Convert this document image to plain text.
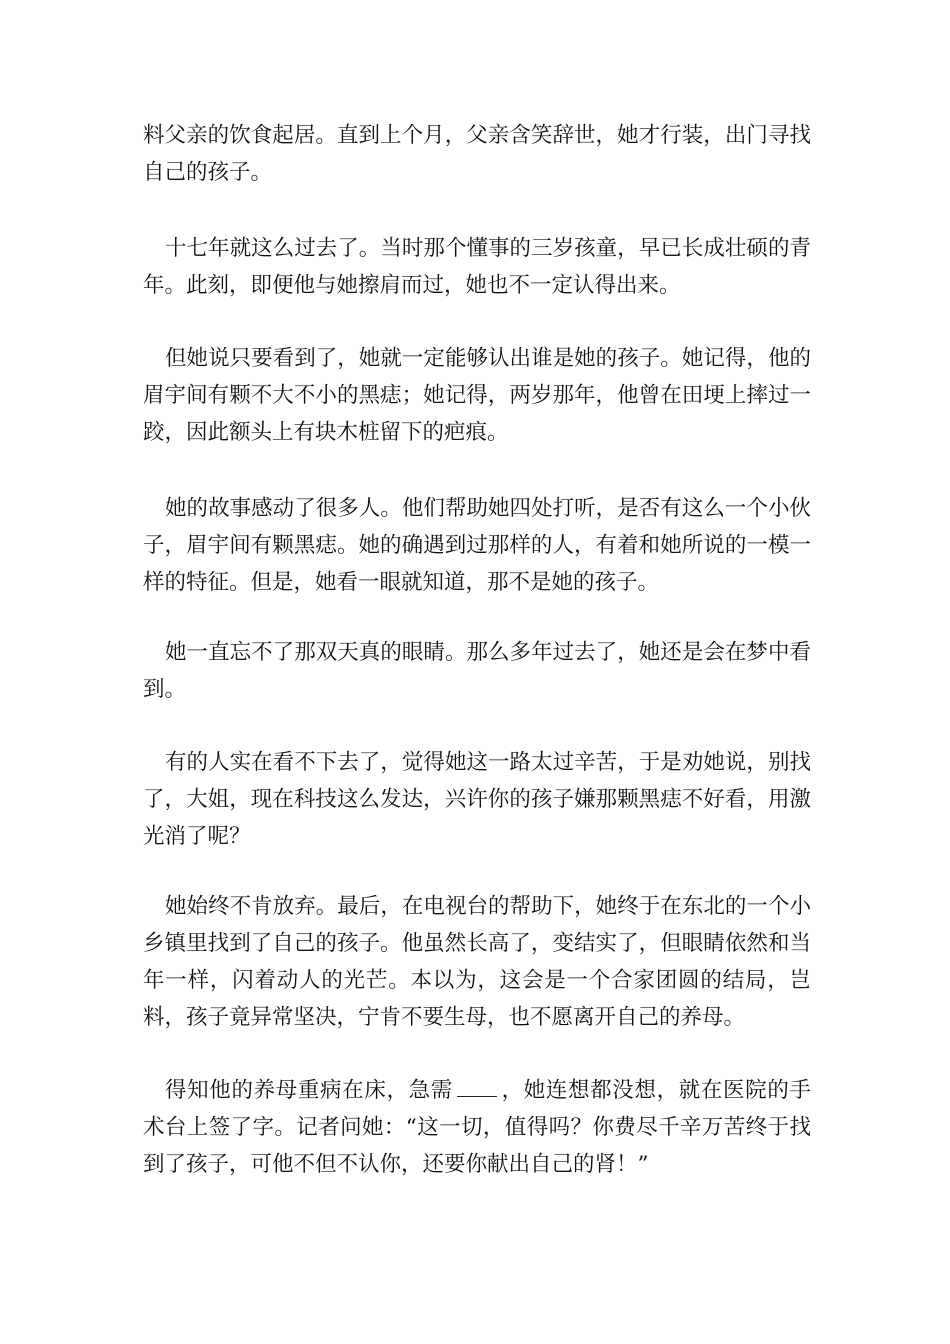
料父亲的饮食起居。直到上个月，父亲含笑辞世，她才行装，出门寻找自己的孩子。
十七年就这么过去了。当时那个懂事的三岁孩童，早已长成壮硕的青年。此刻，即便他与她擦肩而过，她也不一定认得出来。
但她说只要看到了，她就一定能够认出谁是她的孩子。她记得，他的眉宇间有颗不大不小的黑痣；她记得，两岁那年，他曾在田埂上摔过一跤，因此额头上有块木桩留下的疤痕。
她的故事感动了很多人。他们帮助她四处打听，是否有这么一个小伙子，眉宇间有颗黑痣。她的确遇到过那样的人，有着和她所说的一模一样的特征。但是，她看一眼就知道，那不是她的孩子。
她一直忘不了那双天真的眼睛。那么多年过去了，她还是会在梦中看到。
有的人实在看不下去了，觉得她这一路太过辛苦，于是劝她说，别找了，大姐，现在科技这么发达，兴许你的孩子嫌那颗黑痣不好看，用激光消了呢？
她始终不肯放弃。最后，在电视台的帮助下，她终于在东北的一个小乡镇里找到了自己的孩子。他虽然长高了，变结实了，但眼睛依然和当年一样，闪着动人的光芒。本以为，这会是一个合家团圆的结局，岂料，孩子竟异常坚决，宁肯不要生母，也不愿离开自己的养母。
得知他的养母重病在床，急需 ，她连想都没想，就在医院的手术台上签了字。记者问她：“这一切，值得吗？你费尽千辛万苦终于找到了孩子，可他不但不认你，还要你献出自己的肾！”
